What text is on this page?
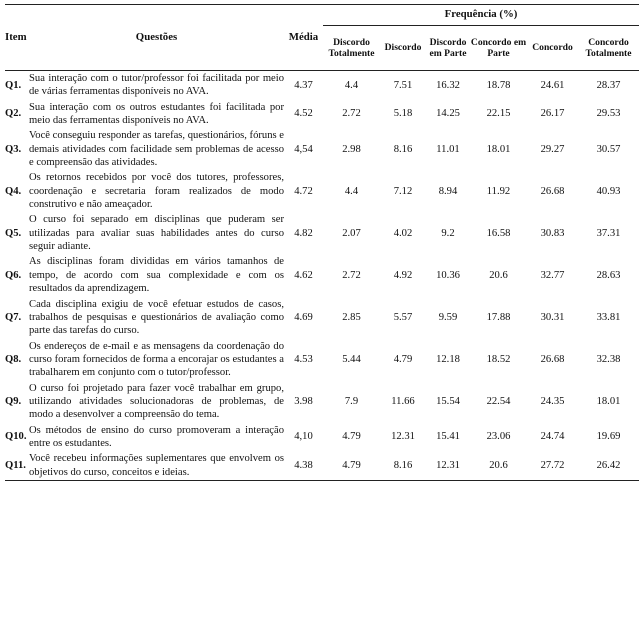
Item	Questões	Média	Frequência (%)					
			Discordo Totalmente	Discordo	Discordo em Parte	Concordo em Parte	Concordo	Concordo Totalmente
Q1.	Sua interação com o tutor/professor foi facilitada por meio de várias ferramentas disponíveis no AVA.	4.37	4.4	7.51	16.32	18.78	24.61	28.37
Q2.	Sua interação com os outros estudantes foi facilitada por meio das ferramentas disponíveis no AVA.	4.52	2.72	5.18	14.25	22.15	26.17	29.53
Q3.	Você conseguiu responder as tarefas, questionários, fóruns e demais atividades com facilidade sem problemas de acesso e compreensão das atividades.	4,54	2.98	8.16	11.01	18.01	29.27	30.57
Q4.	Os retornos recebidos por você dos tutores, professores, coordenação e secretaria foram realizados de modo construtivo e não ameaçador.	4.72	4.4	7.12	8.94	11.92	26.68	40.93
Q5.	O curso foi separado em disciplinas que puderam ser utilizadas para avaliar suas habilidades antes do curso seguir adiante.	4.82	2.07	4.02	9.2	16.58	30.83	37.31
Q6.	As disciplinas foram divididas em vários tamanhos de tempo, de acordo com sua complexidade e com os resultados da aprendizagem.	4.62	2.72	4.92	10.36	20.6	32.77	28.63
Q7.	Cada disciplina exigiu de você efetuar estudos de casos, trabalhos de pesquisas e questionários de avaliação como parte das tarefas do curso.	4.69	2.85	5.57	9.59	17.88	30.31	33.81
Q8.	Os endereços de e-mail e as mensagens da coordenação do curso foram fornecidos de forma a encorajar os estudantes a trabalharem em conjunto com o tutor/professor.	4.53	5.44	4.79	12.18	18.52	26.68	32.38
Q9.	O curso foi projetado para fazer você trabalhar em grupo, utilizando atividades solucionadoras de problemas, de modo a desenvolver a compreensão do tema.	3.98	7.9	11.66	15.54	22.54	24.35	18.01
Q10.	Os métodos de ensino do curso promoveram a interação entre os estudantes.	4,10	4.79	12.31	15.41	23.06	24.74	19.69
Q11.	Você recebeu informações suplementares que envolvem os objetivos do curso, conceitos e ideias.	4.38	4.79	8.16	12.31	20.6	27.72	26.42
